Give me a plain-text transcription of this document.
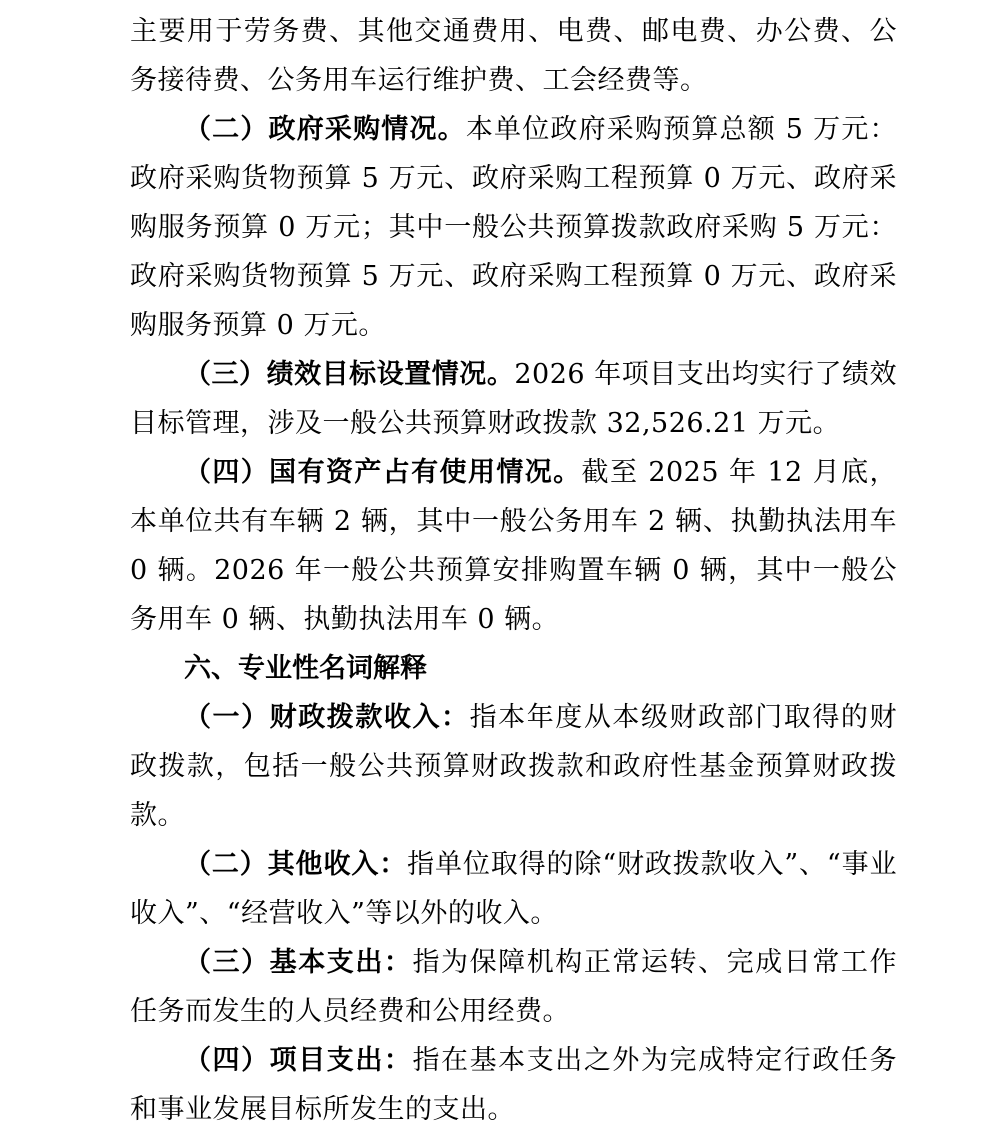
主要用于劳务费、其他交通费用、电费、邮电费、办公费、公务接待费、公务用车运行维护费、工会经费等。

（二）政府采购情况。本单位政府采购预算总额 5 万元：政府采购货物预算 5 万元、政府采购工程预算 0 万元、政府采购服务预算 0 万元；其中一般公共预算拨款政府采购 5 万元：政府采购货物预算 5 万元、政府采购工程预算 0 万元、政府采购服务预算 0 万元。

（三）绩效目标设置情况。2026 年项目支出均实行了绩效目标管理，涉及一般公共预算财政拨款 32,526.21 万元。

（四）国有资产占有使用情况。截至 2025 年 12 月底，本单位共有车辆 2 辆，其中一般公务用车 2 辆、执勤执法用车 0 辆。2026 年一般公共预算安排购置车辆 0 辆，其中一般公务用车 0 辆、执勤执法用车 0 辆。

六、专业性名词解释

（一）财政拨款收入：指本年度从本级财政部门取得的财政拨款，包括一般公共预算财政拨款和政府性基金预算财政拨款。

（二）其他收入：指单位取得的除“财政拨款收入”、“事业收入”、“经营收入”等以外的收入。

（三）基本支出：指为保障机构正常运转、完成日常工作任务而发生的人员经费和公用经费。

（四）项目支出：指在基本支出之外为完成特定行政任务和事业发展目标所发生的支出。
